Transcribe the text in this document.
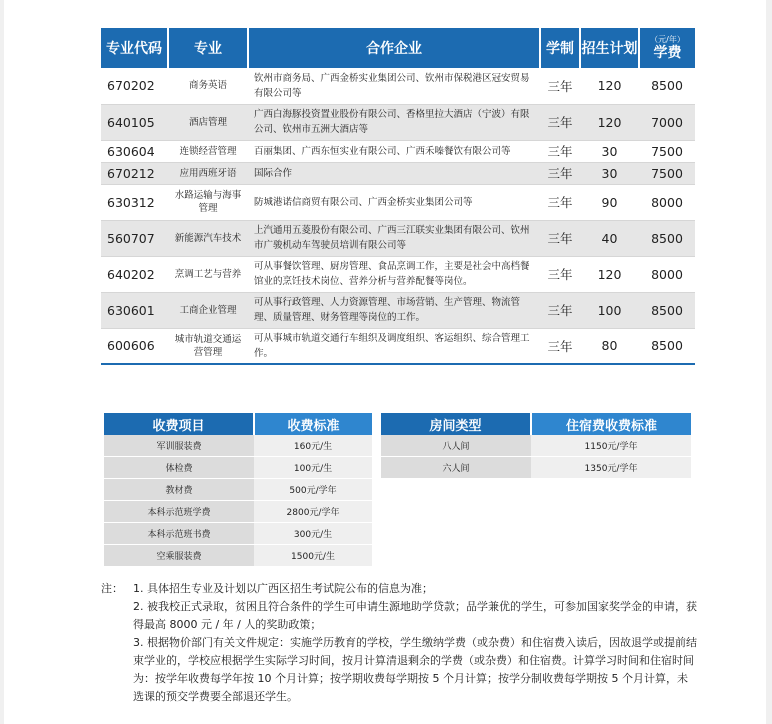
专业代码	专业	合作企业	学制	招生计划	（元/年）
学费

670202	商务英语	钦州市商务局、广西金桥实业集团公司、钦州市保税港区冠安贸易有限公司等	三年	120	8500
640105	酒店管理	广西白海豚投资置业股份有限公司、香格里拉大酒店（宁波）有限公司、钦州市五洲大酒店等	三年	120	7000
630604	连锁经营管理	百丽集团、广西东恒实业有限公司、广西禾嗪餐饮有限公司等	三年	30	7500
670212	应用西班牙语	国际合作	三年	30	7500
630312	水路运输与海事管理	防城港诺信商贸有限公司、广西金桥实业集团公司等	三年	90	8000
560707	新能源汽车技术	上汽通用五菱股份有限公司、广西三江联实业集团有限公司、钦州市广骏机动车驾驶员培训有限公司等	三年	40	8500
640202	烹调工艺与营养	可从事餐饮管理、厨房管理、食品烹调工作，主要是社会中高档餐馆业的烹饪技术岗位、营养分析与营养配餐等岗位。	三年	120	8000
630601	工商企业管理	可从事行政管理、人力资源管理、市场营销、生产管理、物流管理、质量管理、财务管理等岗位的工作。	三年	100	8500
600606	城市轨道交通运营管理	可从事城市轨道交通行车组织及调度组织、客运组织、综合管理工作。	三年	80	8500
收费项目	收费标准
军训服装费	160元/生
体检费	100元/生
教材费	500元/学年
本科示范班学费	2800元/学年
本科示范班书费	300元/生
空乘服装费	1500元/生
房间类型	住宿费收费标准
八人间	1150元/学年
六人间	1350元/学年
注： 1. 具体招生专业及计划以广西区招生考试院公布的信息为准；

2. 被我校正式录取，贫困且符合条件的学生可申请生源地助学贷款；品学兼优的学生，可参加国家奖学金的申请，获得最高 8000 元 / 年 / 人的奖助政策；

3. 根据物价部门有关文件规定：实施学历教育的学校，学生缴纳学费（或杂费）和住宿费入读后，因故退学或提前结束学业的，学校应根据学生实际学习时间，按月计算清退剩余的学费（或杂费）和住宿费。计算学习时间和住宿时间为：按学年收费每学年按 10 个月计算；按学期收费每学期按 5 个月计算；按学分制收费每学期按 5 个月计算，未选课的预交学费要全部退还学生。
